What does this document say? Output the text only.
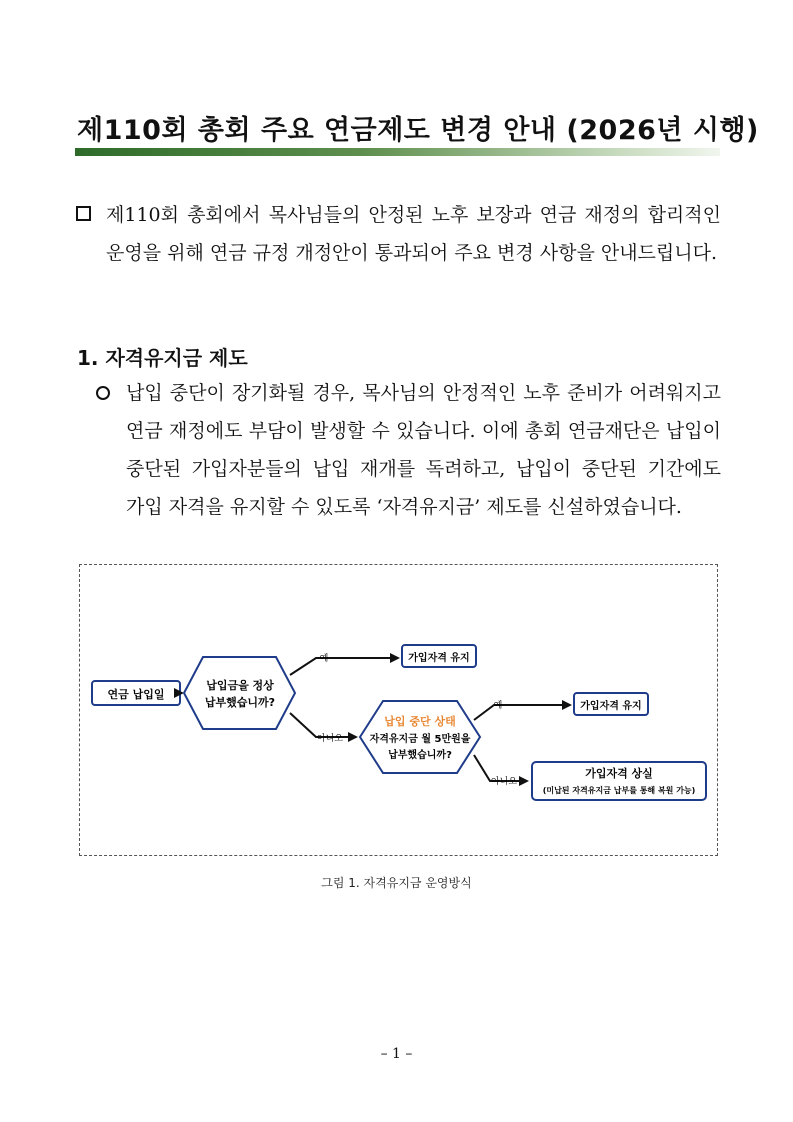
제110회 총회 주요 연금제도 변경 안내 (2026년 시행)

제110회 총회에서 목사님들의 안정된 노후 보장과 연금 재정의 합리적인 운영을 위해 연금 규정 개정안이 통과되어 주요 변경 사항을 안내드립니다.

1. 자격유지금 제도

납입 중단이 장기화될 경우, 목사님의 안정적인 노후 준비가 어려워지고 연금 재정에도 부담이 발생할 수 있습니다. 이에 총회 연금재단은 납입이 중단된 가입자분들의 납입 재개를 독려하고, 납입이 중단된 기간에도 가입 자격을 유지할 수 있도록 ‘자격유지금’ 제도를 신설하였습니다.

연금 납입일
납입금을 정상
납부했습니까?
예	가입자격 유지
아니오
납입 중단 상태
자격유지금 월 5만원을
납부했습니까?
예	가입자격 유지
아니오
가입자격 상실
(미납된 자격유지금 납부를 통해 복원 가능)
그림 1. 자격유지금 운영방식
– 1 –
